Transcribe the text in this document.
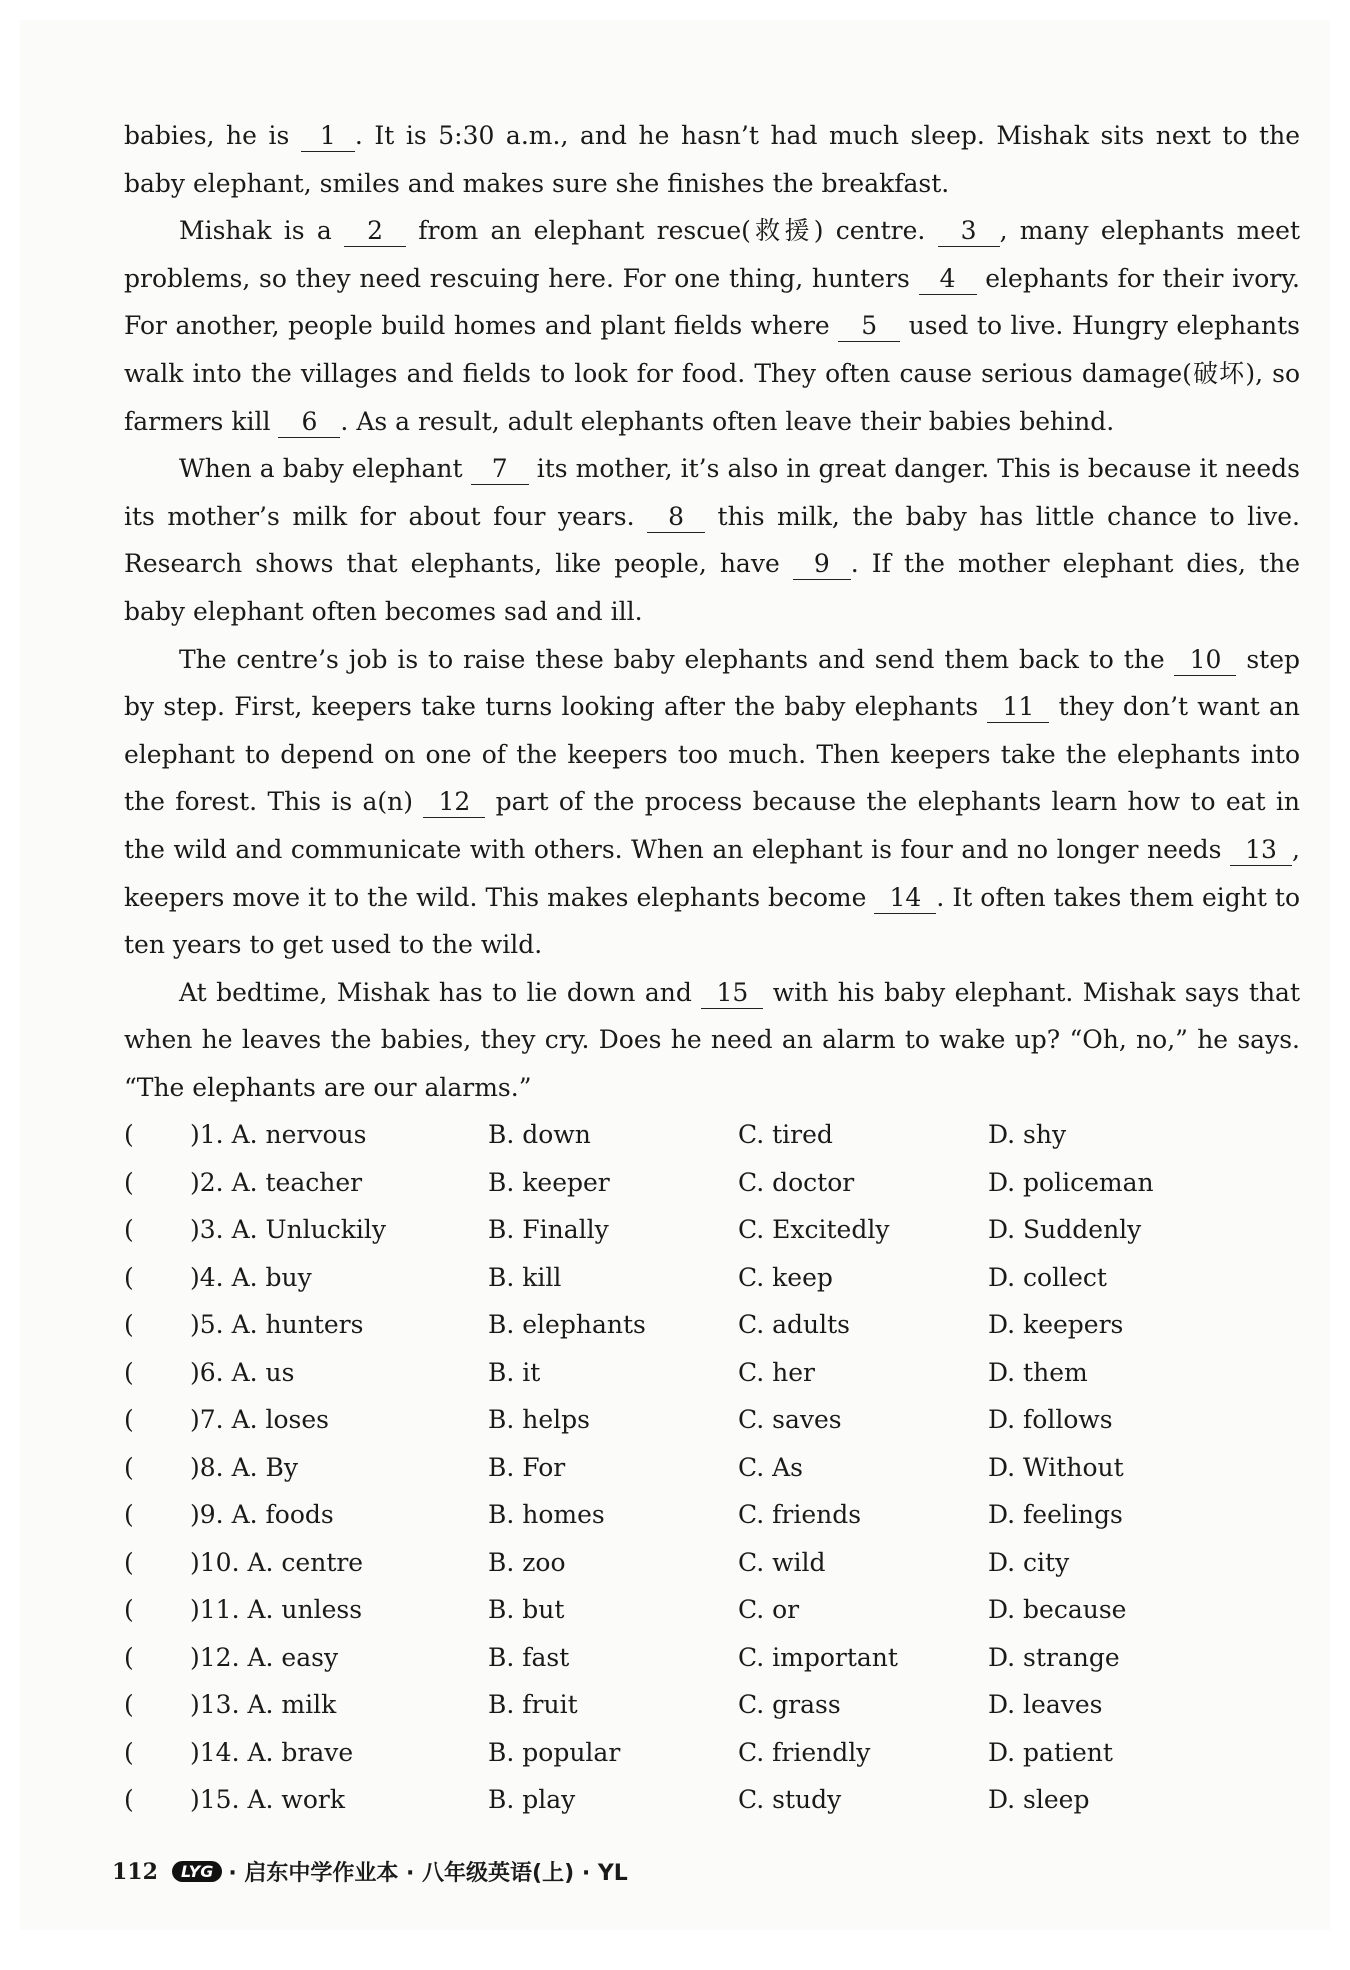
babies, he is 1 . It is 5:30 a.m., and he hasn’t had much sleep. Mishak sits next to the baby elephant, smiles and makes sure she finishes the breakfast.

Mishak is a 2 from an elephant rescue(救援) centre. 3 , many elephants meet problems, so they need rescuing here. For one thing, hunters 4 elephants for their ivory. For another, people build homes and plant fields where 5 used to live. Hungry elephants walk into the villages and fields to look for food. They often cause serious damage(破坏), so farmers kill 6 . As a result, adult elephants often leave their babies behind.

When a baby elephant 7 its mother, it’s also in great danger. This is because it needs its mother’s milk for about four years. 8 this milk, the baby has little chance to live. Research shows that elephants, like people, have 9 . If the mother elephant dies, the baby elephant often becomes sad and ill.

The centre’s job is to raise these baby elephants and send them back to the 10 step by step. First, keepers take turns looking after the baby elephants 11 they don’t want an elephant to depend on one of the keepers too much. Then keepers take the elephants into the forest. This is a(n) 12 part of the process because the elephants learn how to eat in the wild and communicate with others. When an elephant is four and no longer needs 13 , keepers move it to the wild. This makes elephants become 14 . It often takes them eight to ten years to get used to the wild.

At bedtime, Mishak has to lie down and 15 with his baby elephant. Mishak says that when he leaves the babies, they cry. Does he need an alarm to wake up? “Oh, no,” he says. “The elephants are our alarms.”

( )1. A. nervous	B. down	C. tired	D. shy
( )2. A. teacher	B. keeper	C. doctor	D. policeman
( )3. A. Unluckily	B. Finally	C. Excitedly	D. Suddenly
( )4. A. buy	B. kill	C. keep	D. collect
( )5. A. hunters	B. elephants	C. adults	D. keepers
( )6. A. us	B. it	C. her	D. them
( )7. A. loses	B. helps	C. saves	D. follows
( )8. A. By	B. For	C. As	D. Without
( )9. A. foods	B. homes	C. friends	D. feelings
( )10. A. centre	B. zoo	C. wild	D. city
( )11. A. unless	B. but	C. or	D. because
( )12. A. easy	B. fast	C. important	D. strange
( )13. A. milk	B. fruit	C. grass	D. leaves
( )14. A. brave	B. popular	C. friendly	D. patient
( )15. A. work	B. play	C. study	D. sleep
112	LYG · 启东中学作业本 · 八年级英语(上) · YL
